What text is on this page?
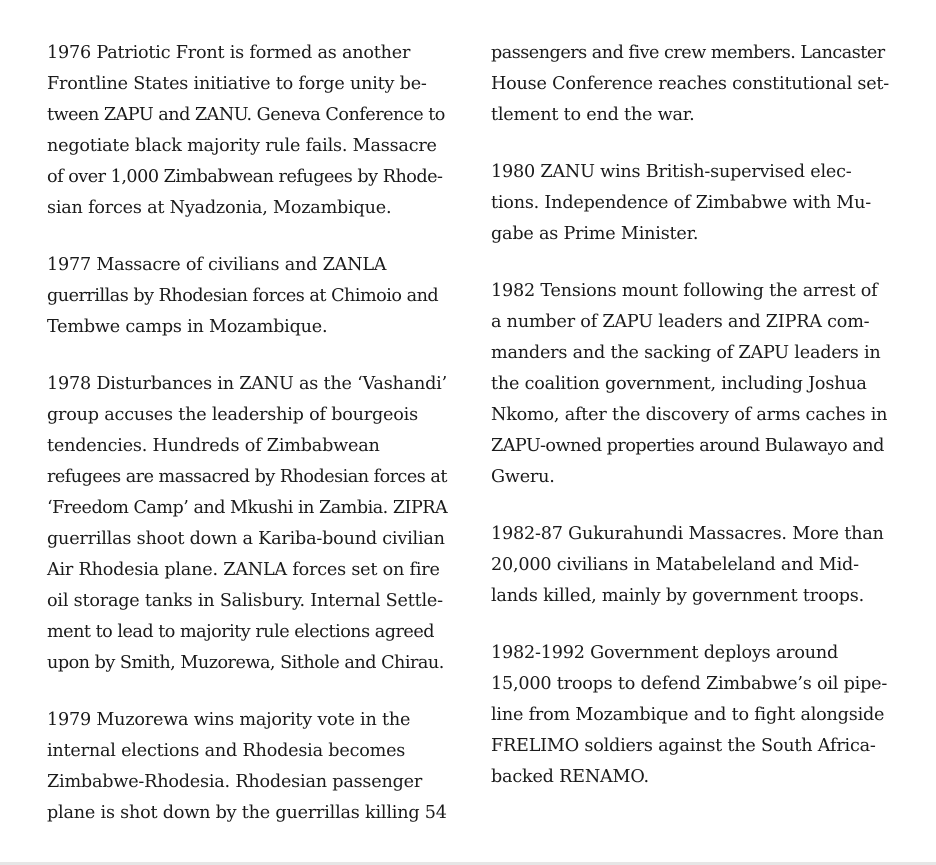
1976 Patriotic Front is formed as another
Frontline States initiative to forge unity be-
tween ZAPU and ZANU. Geneva Conference to
negotiate black majority rule fails. Massacre
of over 1,000 Zimbabwean refugees by Rhode-
sian forces at Nyadzonia, Mozambique.
1977 Massacre of civilians and ZANLA
guerrillas by Rhodesian forces at Chimoio and
Tembwe camps in Mozambique.
1978 Disturbances in ZANU as the ‘Vashandi’
group accuses the leadership of bourgeois
tendencies. Hundreds of Zimbabwean
refugees are massacred by Rhodesian forces at
‘Freedom Camp’ and Mkushi in Zambia. ZIPRA
guerrillas shoot down a Kariba-bound civilian
Air Rhodesia plane. ZANLA forces set on fire
oil storage tanks in Salisbury. Internal Settle-
ment to lead to majority rule elections agreed
upon by Smith, Muzorewa, Sithole and Chirau.
1979 Muzorewa wins majority vote in the
internal elections and Rhodesia becomes
Zimbabwe-Rhodesia. Rhodesian passenger
plane is shot down by the guerrillas killing 54
passengers and five crew members. Lancaster
House Conference reaches constitutional set-
tlement to end the war.
1980 ZANU wins British-supervised elec-
tions. Independence of Zimbabwe with Mu-
gabe as Prime Minister.
1982 Tensions mount following the arrest of
a number of ZAPU leaders and ZIPRA com-
manders and the sacking of ZAPU leaders in
the coalition government, including Joshua
Nkomo, after the discovery of arms caches in
ZAPU-owned properties around Bulawayo and
Gweru.
1982-87 Gukurahundi Massacres. More than
20,000 civilians in Matabeleland and Mid-
lands killed, mainly by government troops.
1982-1992 Government deploys around
15,000 troops to defend Zimbabwe’s oil pipe-
line from Mozambique and to fight alongside
FRELIMO soldiers against the South Africa-
backed RENAMO.
